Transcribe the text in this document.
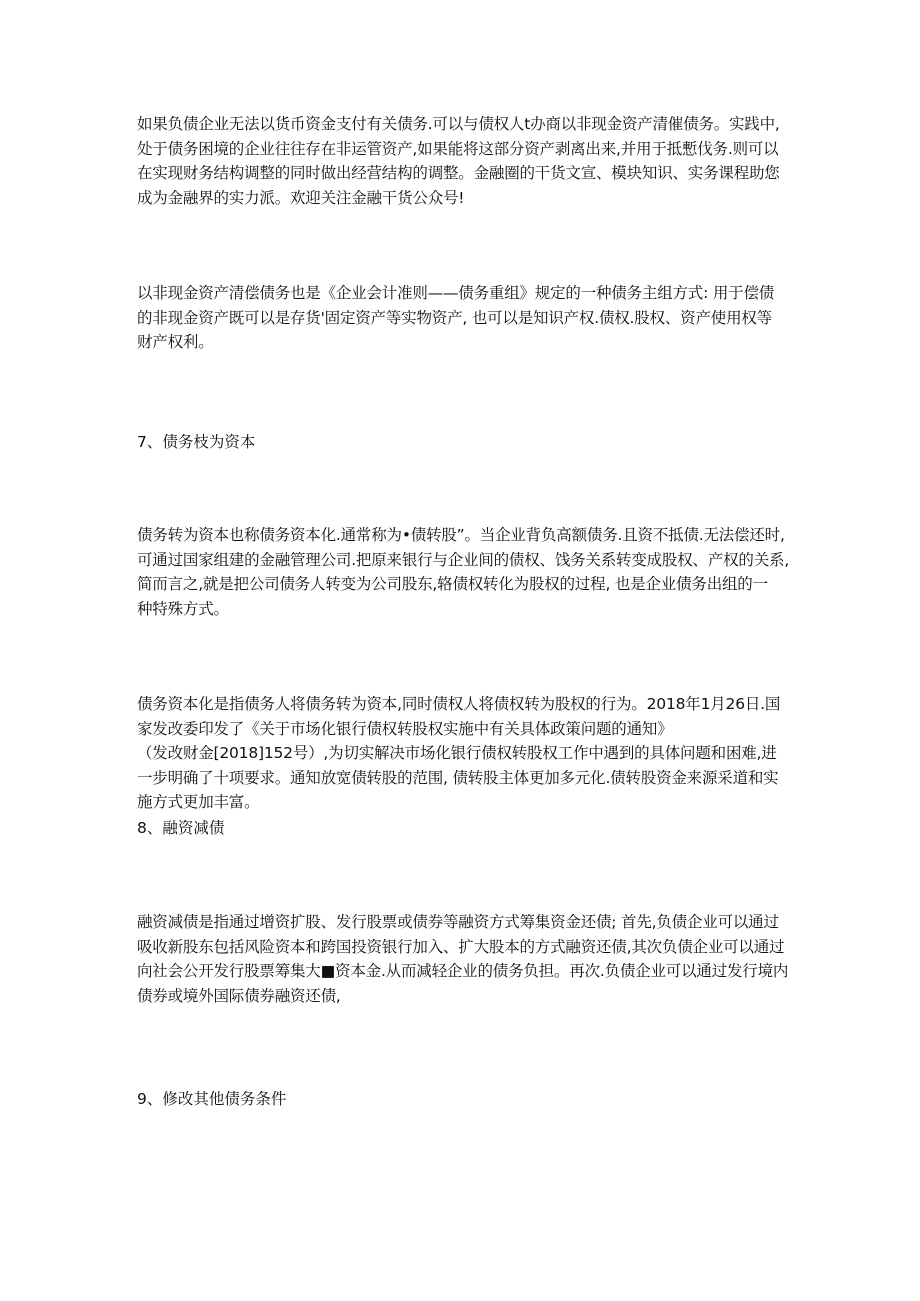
如果负债企业无法以货币资金支付有关债务.可以与债权人t办商以非现金资产清催债务。实践中,
处于债务困境的企业往往存在非运管资产,如果能将这部分资产剥离出来,并用于抵慙伐务.则可以
在实现财务结构调整的同时做出经营结构的调整。金融圈的干货文宣、模块知识、实务课程助您
成为金融界的实力派。欢迎关注金融干货公众号!

以非现金资产清偿债务也是《企业会计准则——债务重组》规定的一种债务主组方式: 用于偿债
的非现金资产既可以是存货'固定资产等实物资产, 也可以是知识产权.债权.股权、资产使用权等
财产权利。

7、债务枝为资本

债务转为资本也称债务资本化.通常称为•债转股”。当企业背负高额债务.且资不抵债.无法偿还时,
可通过国家组建的金融管理公司.把原来银行与企业间的债权、饯务关系转变成股权、产权的关系,
简而言之,就是把公司债务人转变为公司股东,辂债权转化为股权的过程, 也是企业债务出组的一
种特殊方式。

债务资本化是指债务人将债务转为资本,同时债权人将债权转为股权的行为。2018年1月26日.国
家发改委印发了《关于市场化银行债权转股权实施中有关具体政策问题的通知》
（发改财金[2018]152号）,为切实解决市场化银行债权转股权工作中遇到的具体问题和困难,进
一步明确了十项要求。通知放宽债转股的范围, 债转股主体更加多元化.债转股资金来源采道和实
施方式更加丰富。

8、融资减债

融资减债是指通过增资扩股、发行股票或债券等融资方式筹集资金还债; 首先,负债企业可以通过
吸收新股东包括风险资本和跨国投资银行加入、扩大股本的方式融资还债,其次负债企业可以通过
向社会公开发行股票筹集大■资本金.从而减轻企业的债务负担。再次.负债企业可以通过发行境内
债券或境外国际债券融资还债,

9、修改其他债务条件
